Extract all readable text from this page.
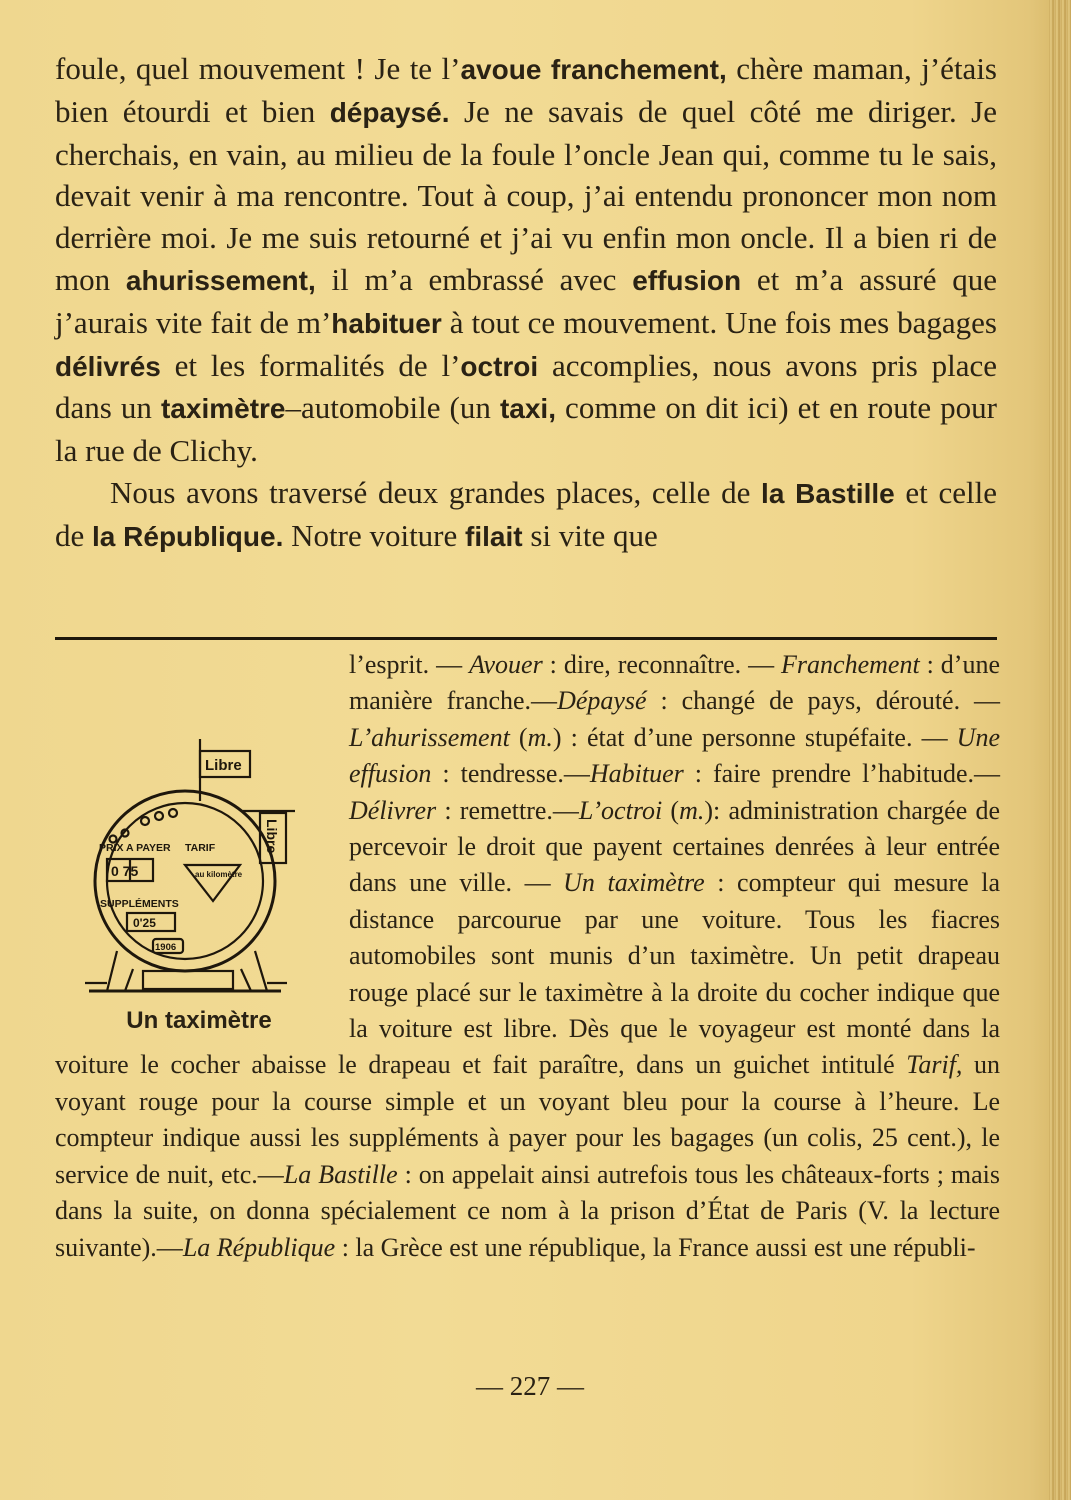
foule, quel mouvement ! Je te l’avoue franchement, chère maman, j’étais bien étourdi et bien dépaysé. Je ne savais de quel côté me diriger. Je cherchais, en vain, au milieu de la foule l’oncle Jean qui, comme tu le sais, devait venir à ma rencontre. Tout à coup, j’ai entendu prononcer mon nom derrière moi. Je me suis retourné et j’ai vu enfin mon oncle. Il a bien ri de mon ahurissement, il m’a embrassé avec effusion et m’a assuré que j’aurais vite fait de m’habituer à tout ce mouvement. Une fois mes bagages délivrés et les formalités de l’octroi accomplies, nous avons pris place dans un taximètre–automobile (un taxi, comme on dit ici) et en route pour la rue de Clichy.

Nous avons traversé deux grandes places, celle de la Bastille et celle de la République. Notre voiture filait si vite que

Libre
Libre
PRIX A PAYER TARIF
au kilomètre
0 75
SUPPLÉMENTS
0'25
1906
Un taximètre

l’esprit. — Avouer : dire, reconnaître. — Franchement : d’une manière franche.—Dépaysé : changé de pays, dérouté. — L’ahurissement (m.) : état d’une personne stupéfaite. — Une effusion : tendresse.—Habituer : faire prendre l’habitude.— Délivrer : remettre.—L’octroi (m.): administration chargée de percevoir le droit que payent certaines denrées à leur entrée dans une ville. — Un taximètre : compteur qui mesure la distance parcourue par une voiture. Tous les fiacres automobiles sont munis d’un taximètre. Un petit drapeau rouge placé sur le taximètre à la droite du cocher indique que la voiture est libre. Dès que le voyageur est monté dans la voiture le cocher abaisse le drapeau et fait paraître, dans un guichet intitulé Tarif, un voyant rouge pour la course simple et un voyant bleu pour la course à l’heure. Le compteur indique aussi les suppléments à payer pour les bagages (un colis, 25 cent.), le service de nuit, etc.—La Bastille : on appelait ainsi autrefois tous les châteaux-forts ; mais dans la suite, on donna spécialement ce nom à la prison d’État de Paris (V. la lecture suivante).—La République : la Grèce est une république, la France aussi est une républi-

— 227 —
